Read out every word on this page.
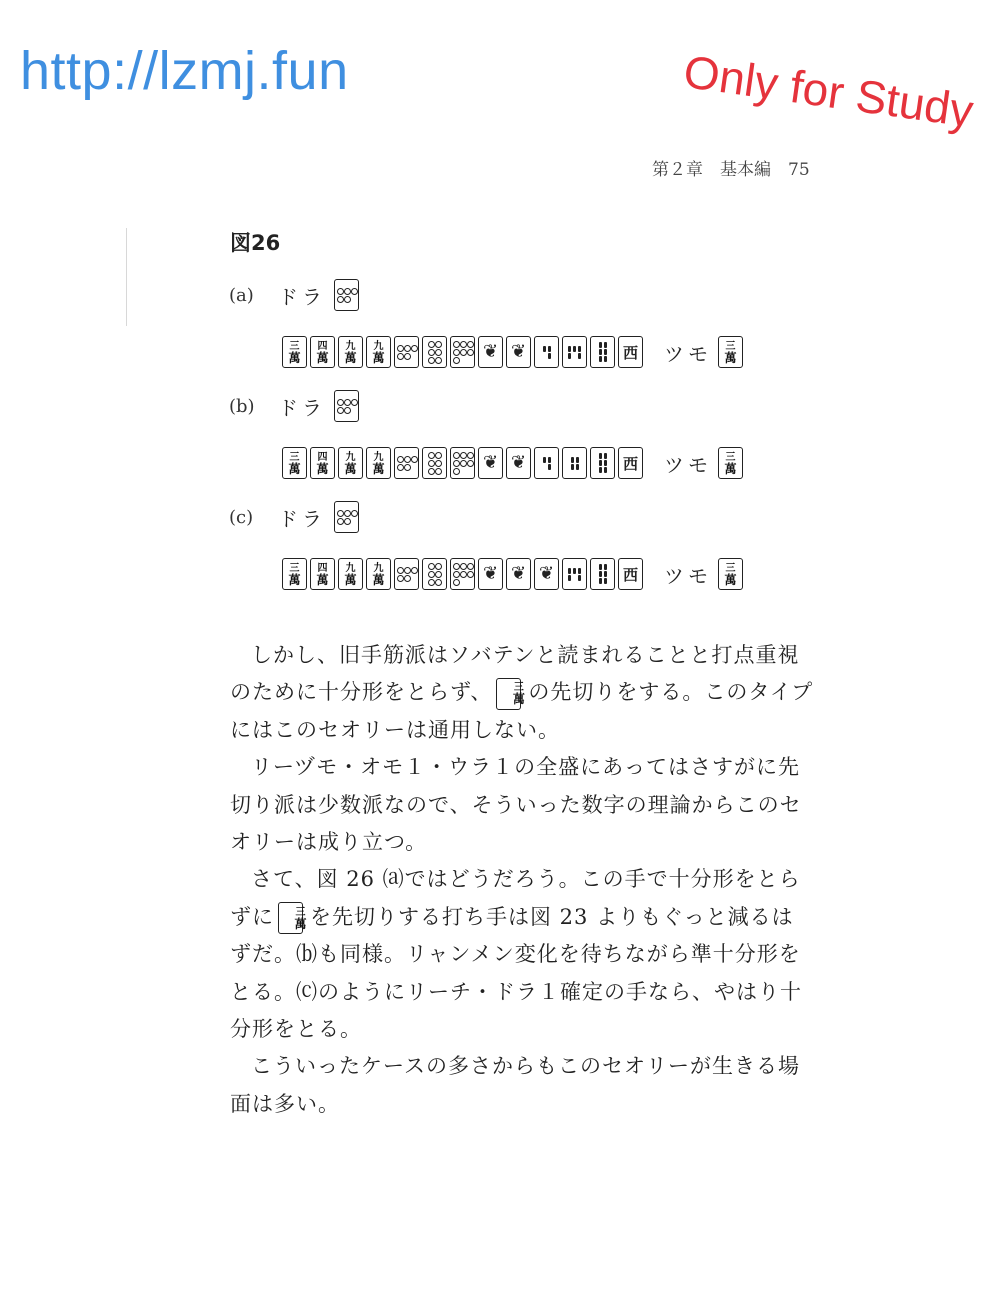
http://lzmj.fun	Only for Study
第２章　基本編　75
図26
(a) ドラ
三
萬
四
萬
九
萬
九
萬	❦ ❦	西 ツモ 三
萬
(b) ドラ
三
萬
四
萬
九
萬
九
萬	❦ ❦	西 ツモ 三
萬
(c) ドラ
三
萬
四
萬
九
萬
九
萬	❦ ❦ ❦	西 ツモ 三
萬

しかし、旧手筋派はソバテンと読まれることと打点重視のために十分形をとらず、	三
萬 の先切りをする。このタイプにはこのセオリーは通用しない。

リーヅモ・オモ１・ウラ１の全盛にあってはさすがに先切り派は少数派なので、そういった数字の理論からこのセオリーは成り立つ。

さて、図 26 ⒜ではどうだろう。この手で十分形をとらずに	三
萬 を先切りする打ち手は図 23 よりもぐっと減るはずだ。⒝も同様。リャンメン変化を待ちながら準十分形をとる。⒞のようにリーチ・ドラ１確定の手なら、やはり十分形をとる。

こういったケースの多さからもこのセオリーが生きる場面は多い。
